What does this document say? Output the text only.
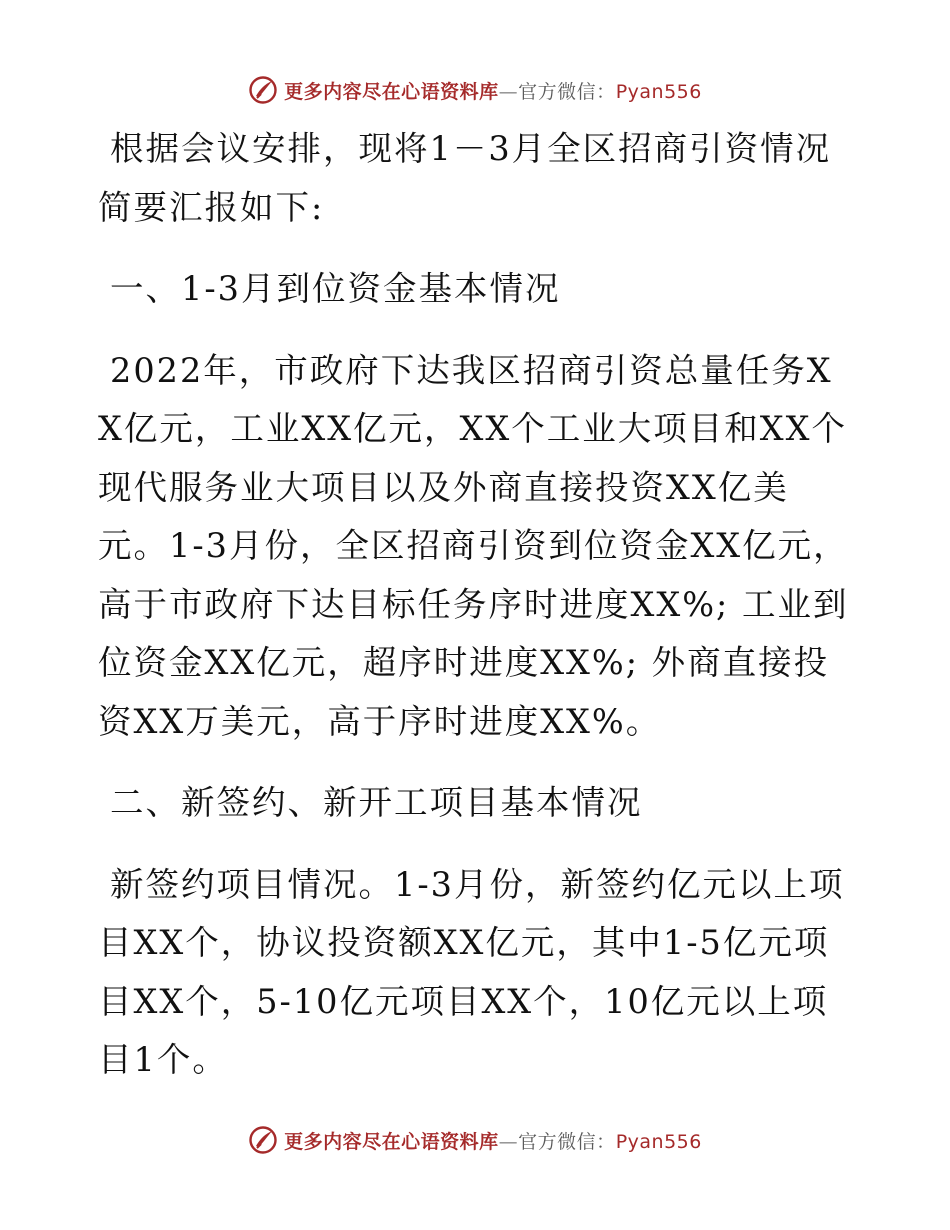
更多内容尽在心语资料库—官方微信：Pyan556

根据会议安排，现将1－3月全区招商引资情况简要汇报如下:

一、1-3月到位资金基本情况

2022年，市政府下达我区招商引资总量任务XX亿元，工业XX亿元，XX个工业大项目和XX个现代服务业大项目以及外商直接投资XX亿美元。1-3月份，全区招商引资到位资金XX亿元，高于市政府下达目标任务序时进度XX%; 工业到位资金XX亿元，超序时进度XX%; 外商直接投资XX万美元，高于序时进度XX%。

二、新签约、新开工项目基本情况

新签约项目情况。1-3月份，新签约亿元以上项目XX个，协议投资额XX亿元，其中1-5亿元项目XX个，5-10亿元项目XX个，10亿元以上项目1个。

更多内容尽在心语资料库—官方微信：Pyan556
